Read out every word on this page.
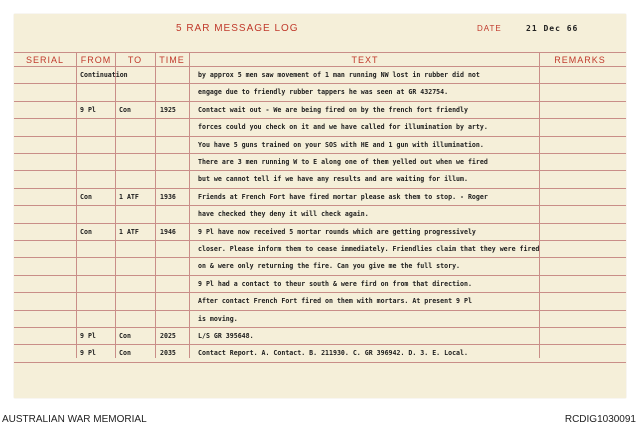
5 RAR MESSAGE LOG	DATE	21 Dec 66
SERIAL	FROM	TO	TIME	TEXT	REMARKS
Continuation	by approx 5 men saw movement of 1 man running NW lost in rubber did not
engage due to friendly rubber tappers he was seen at GR 432754.
9 Pl	Con	1925	Contact wait out - We are being fired on by the french fort friendly
forces could you check on it and we have called for illumination by arty.
You have 5 guns trained on your SOS with HE and 1 gun with illumination.
There are 3 men running W to E along one of them yelled out when we fired
but we cannot tell if we have any results and are waiting for illum.
Con	1 ATF	1936	Friends at French Fort have fired mortar please ask them to stop. - Roger
have checked they deny it will check again.
Con	1 ATF	1946	9 Pl have now received 5 mortar rounds which are getting progressively
closer. Please inform them to cease immediately. Friendlies claim that they were fired
on & were only returning the fire. Can you give me the full story.
9 Pl had a contact to theur south & were fird on from that direction.
After contact French Fort fired on them with mortars. At present 9 Pl
is moving.
9 Pl	Con	2025	L/S GR 395648.
9 Pl	Con	2035	Contact Report. A. Contact. B. 211930. C. GR 396942. D. 3. E. Local.
AUSTRALIAN WAR MEMORIAL	RCDIG1030091
